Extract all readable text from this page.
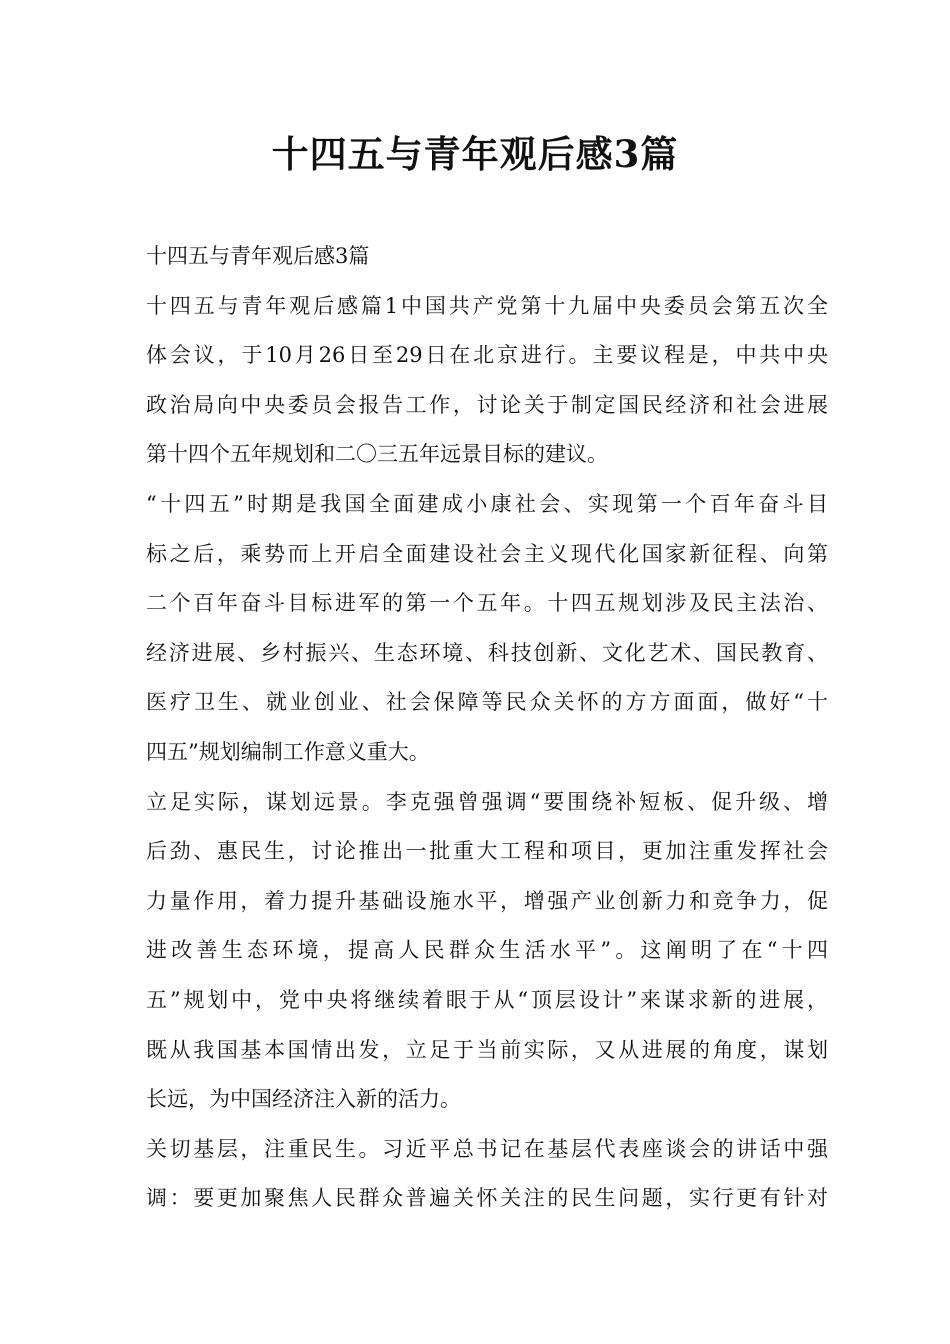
十四五与青年观后感3篇
十四五与青年观后感3篇
十四五与青年观后感篇1中国共产党第十九届中央委员会第五次全
体会议，于10月26日至29日在北京进行。主要议程是，中共中央
政治局向中央委员会报告工作，讨论关于制定国民经济和社会进展
第十四个五年规划和二〇三五年远景目标的建议。
“十四五”时期是我国全面建成小康社会、实现第一个百年奋斗目
标之后，乘势而上开启全面建设社会主义现代化国家新征程、向第
二个百年奋斗目标进军的第一个五年。十四五规划涉及民主法治、
经济进展、乡村振兴、生态环境、科技创新、文化艺术、国民教育、
医疗卫生、就业创业、社会保障等民众关怀的方方面面，做好“十
四五”规划编制工作意义重大。
立足实际，谋划远景。李克强曾强调“要围绕补短板、促升级、增
后劲、惠民生，讨论推出一批重大工程和项目，更加注重发挥社会
力量作用，着力提升基础设施水平，增强产业创新力和竞争力，促
进改善生态环境，提高人民群众生活水平”。这阐明了在“十四
五”规划中，党中央将继续着眼于从“顶层设计”来谋求新的进展，
既从我国基本国情出发，立足于当前实际，又从进展的角度，谋划
长远，为中国经济注入新的活力。
关切基层，注重民生。习近平总书记在基层代表座谈会的讲话中强
调：要更加聚焦人民群众普遍关怀关注的民生问题，实行更有针对
